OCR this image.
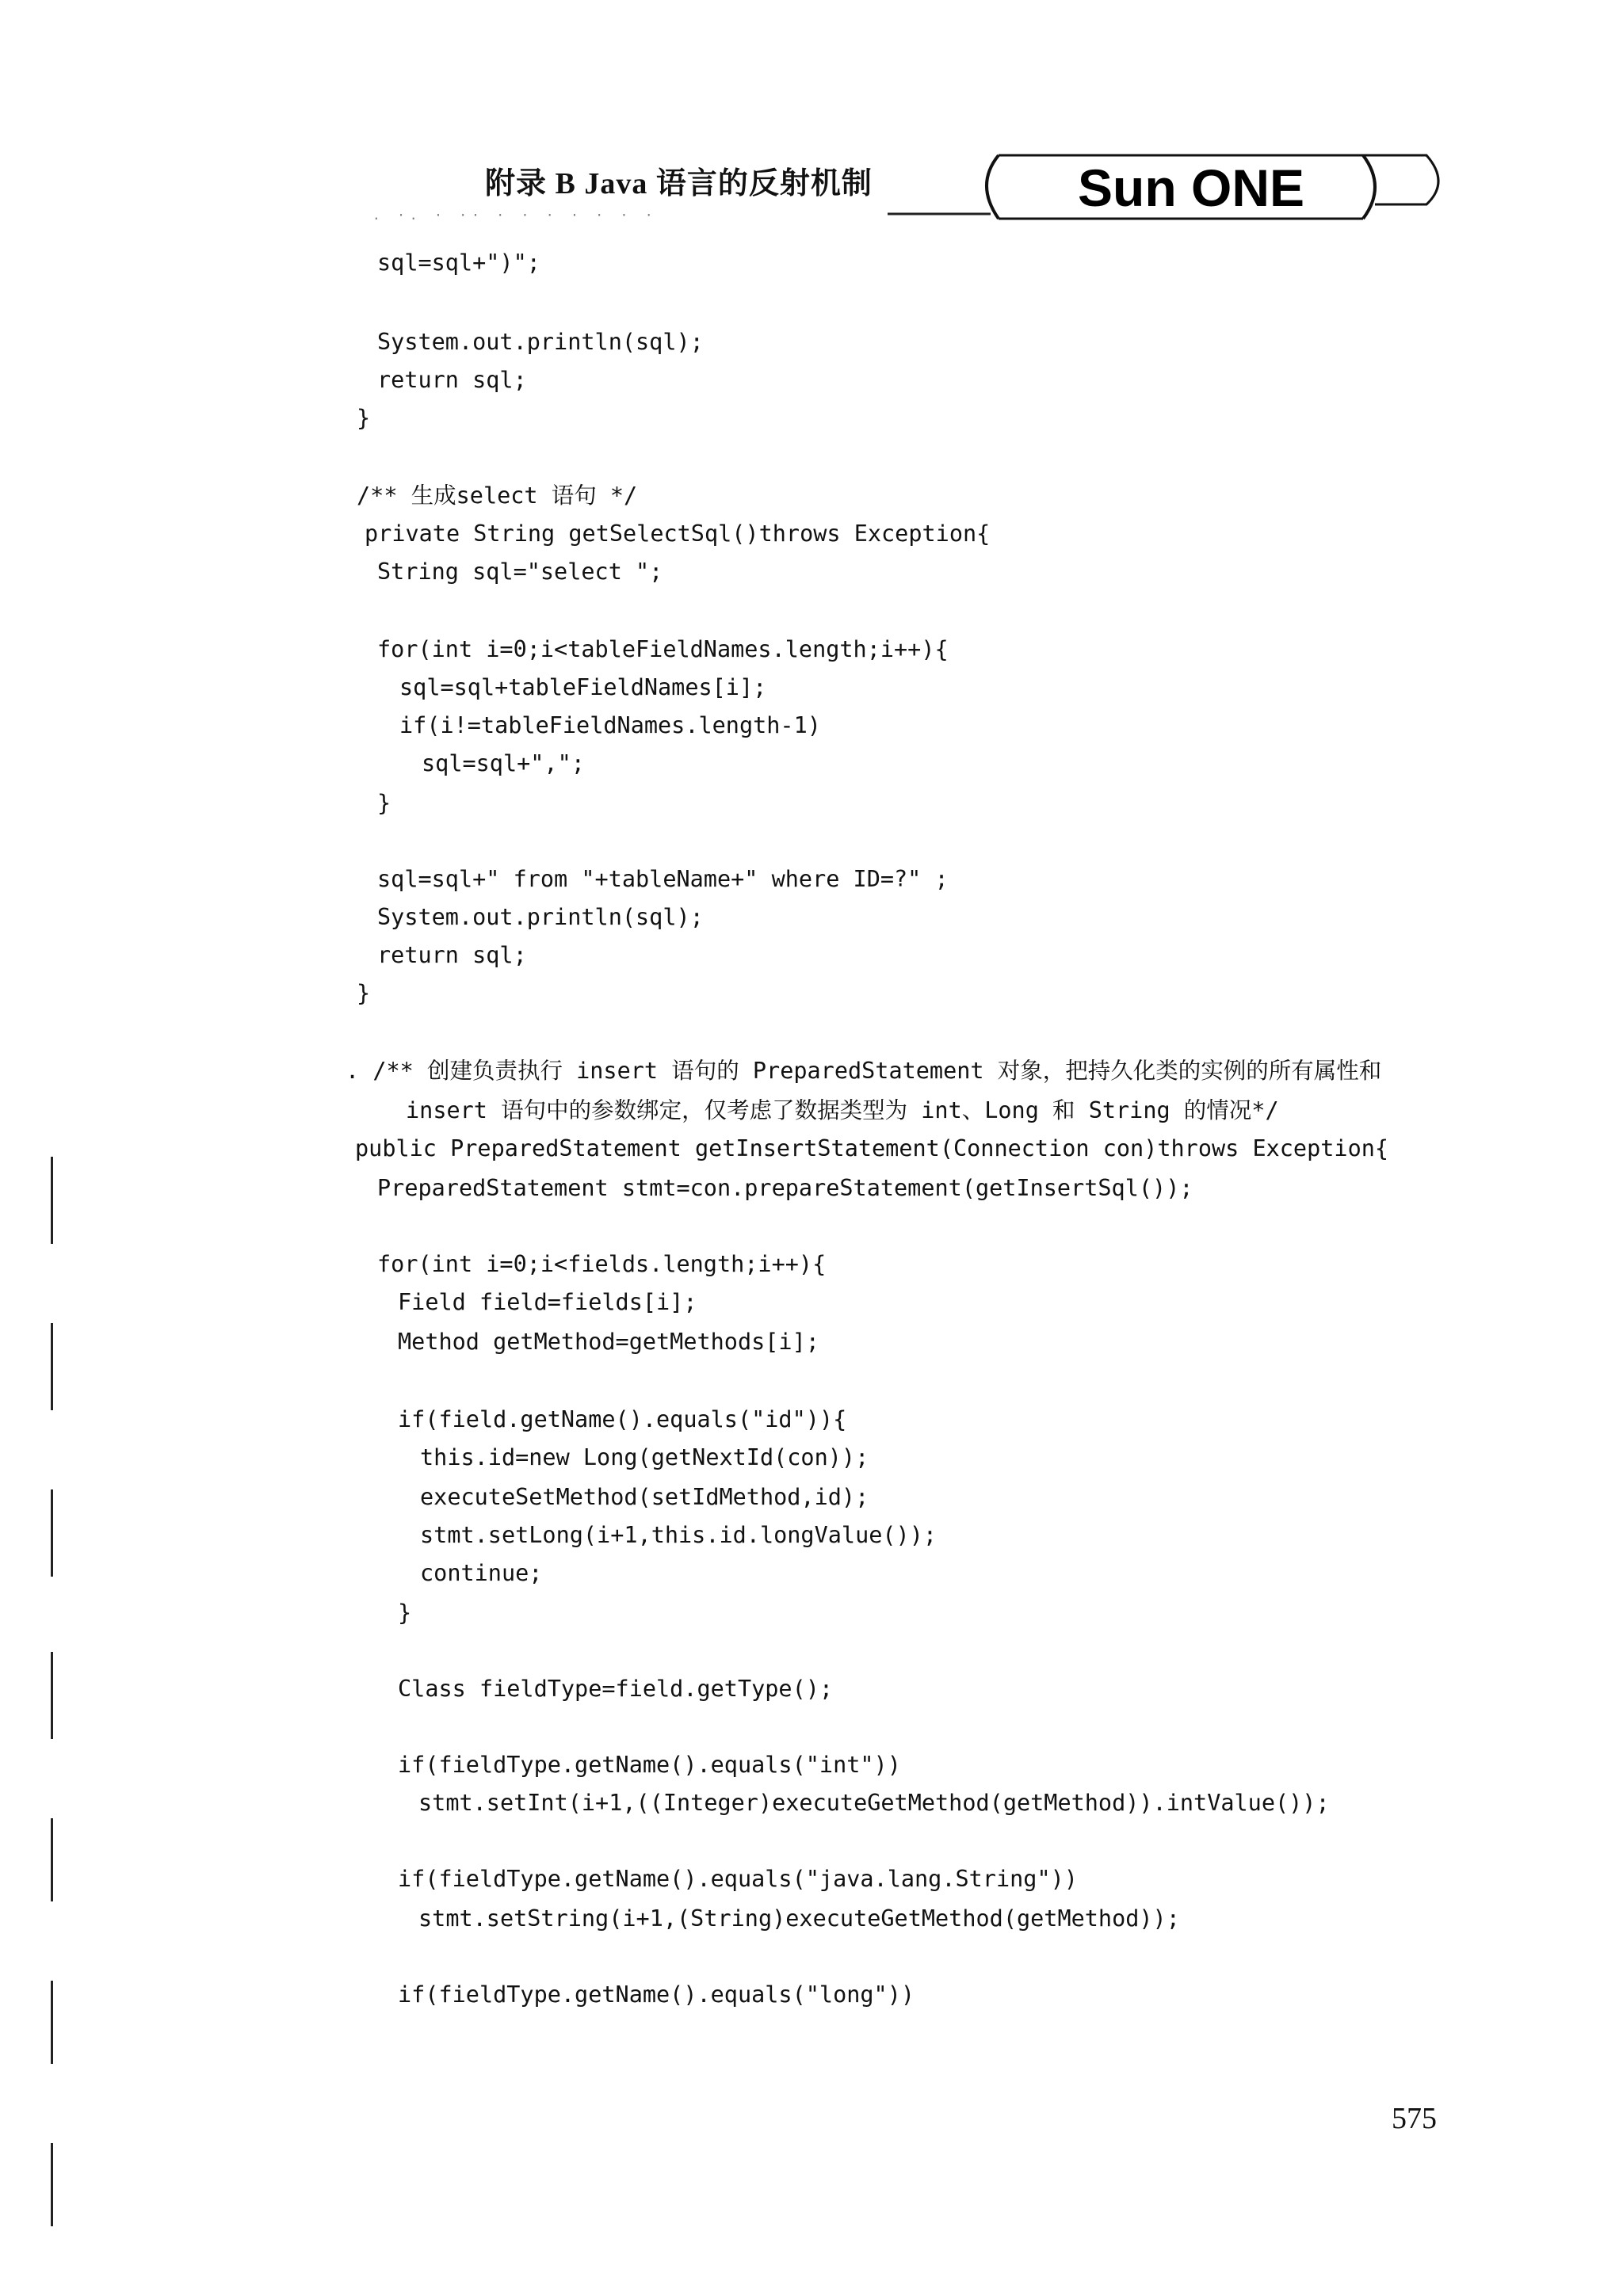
附录 B Java 语言的反射机制
. ·. · ·· · · · · · · ·	Sun ONE
sql=sql+")";
System.out.println(sql);
return sql;
}
/** 生成select 语句 */
private String getSelectSql()throws Exception{
String sql="select ";
for(int i=0;i<tableFieldNames.length;i++){
sql=sql+tableFieldNames[i];
if(i!=tableFieldNames.length-1)
sql=sql+",";
}
sql=sql+" from "+tableName+" where ID=?" ;
System.out.println(sql);
return sql;
}
. /** 创建负责执行 insert 语句的 PreparedStatement 对象，把持久化类的实例的所有属性和
insert 语句中的参数绑定，仅考虑了数据类型为 int、Long 和 String 的情况*/
public PreparedStatement getInsertStatement(Connection con)throws Exception{
PreparedStatement stmt=con.prepareStatement(getInsertSql());
for(int i=0;i<fields.length;i++){
Field field=fields[i];
Method getMethod=getMethods[i];
if(field.getName().equals("id")){
this.id=new Long(getNextId(con));
executeSetMethod(setIdMethod,id);
stmt.setLong(i+1,this.id.longValue());
continue;
}
Class fieldType=field.getType();
if(fieldType.getName().equals("int"))
stmt.setInt(i+1,((Integer)executeGetMethod(getMethod)).intValue());
if(fieldType.getName().equals("java.lang.String"))
stmt.setString(i+1,(String)executeGetMethod(getMethod));
if(fieldType.getName().equals("long"))
575
